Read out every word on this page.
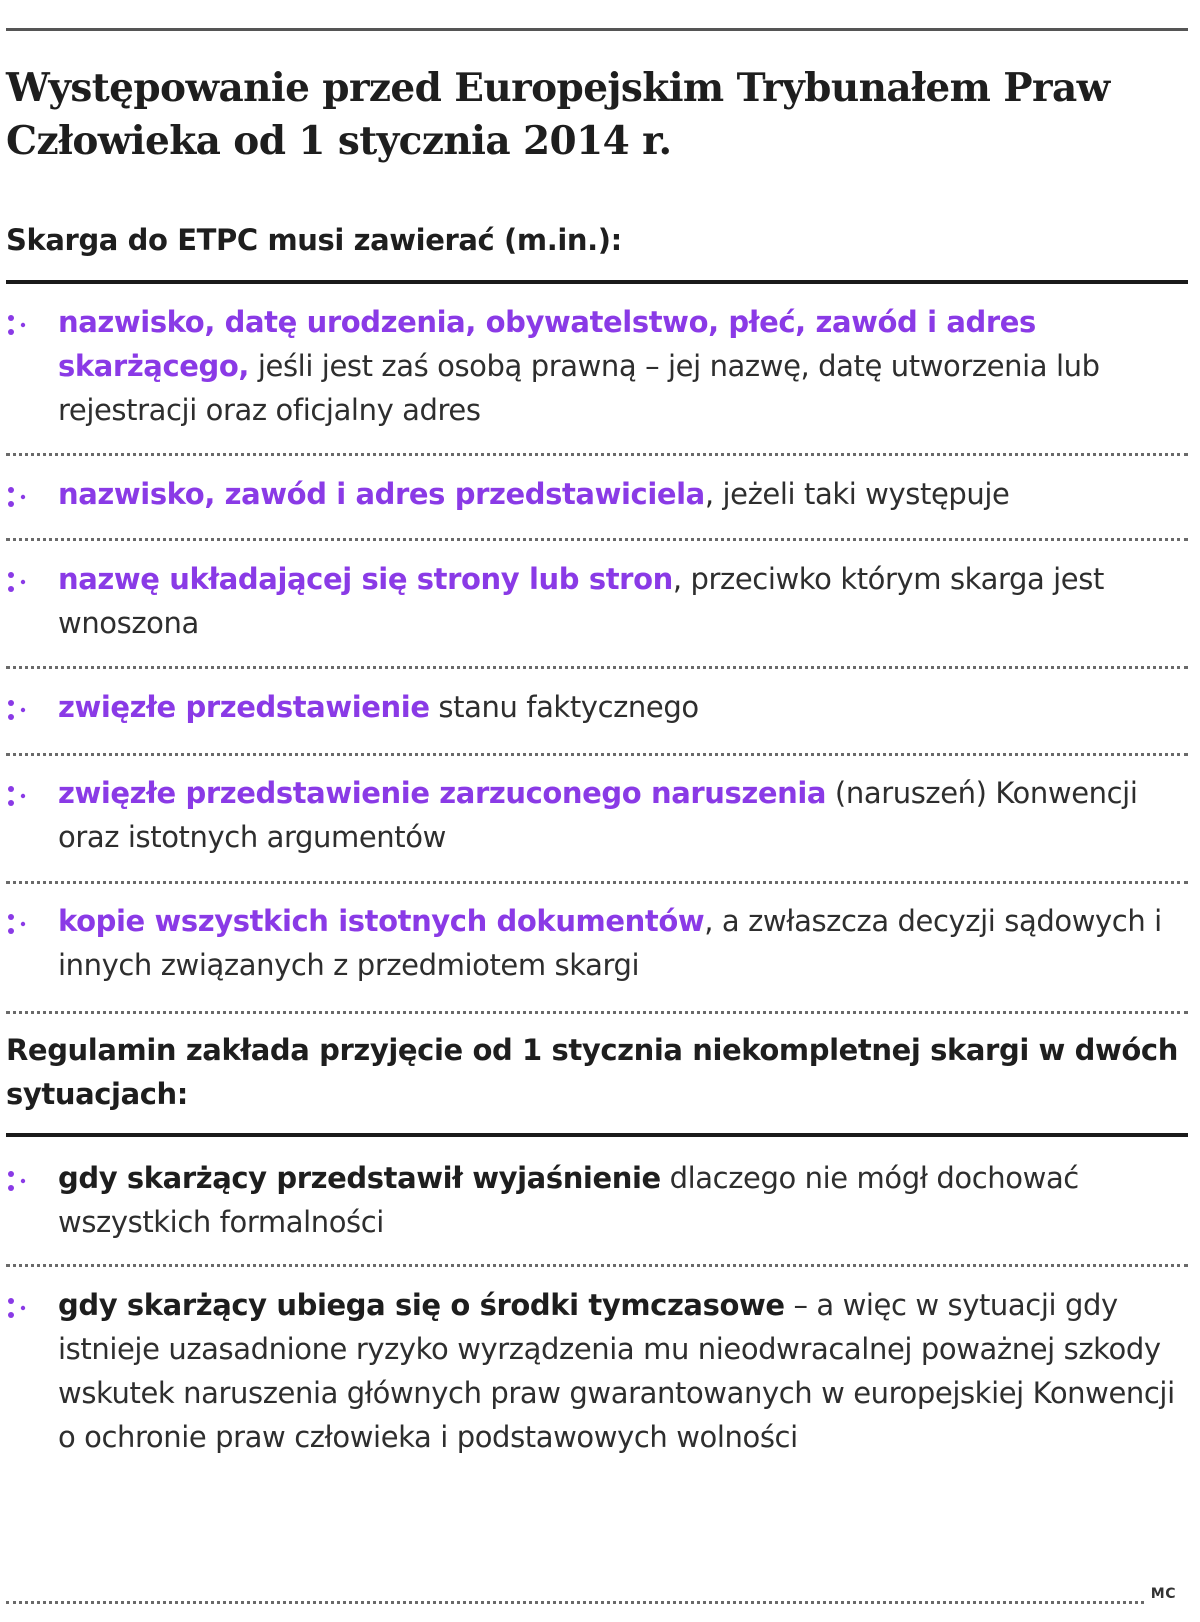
Występowanie przed Europejskim Trybunałem Praw Człowieka od 1 stycznia 2014 r.
Skarga do ETPC musi zawierać (m.in.):
nazwisko, datę urodzenia, obywatelstwo, płeć, zawód i adres skarżącego, jeśli jest zaś osobą prawną – jej nazwę, datę utworzenia lub rejestracji oraz oficjalny adres
nazwisko, zawód i adres przedstawiciela, jeżeli taki występuje
nazwę układającej się strony lub stron, przeciwko którym skarga jest wnoszona
zwięzłe przedstawienie stanu faktycznego
zwięzłe przedstawienie zarzuconego naruszenia (naruszeń) Konwencji oraz istotnych argumentów
kopie wszystkich istotnych dokumentów, a zwłaszcza decyzji sądowych i innych związanych z przedmiotem skargi
Regulamin zakłada przyjęcie od 1 stycznia niekompletnej skargi w dwóch sytuacjach:
gdy skarżący przedstawił wyjaśnienie dlaczego nie mógł dochować wszystkich formalności
gdy skarżący ubiega się o środki tymczasowe – a więc w sytuacji gdy istnieje uzasadnione ryzyko wyrządzenia mu nieodwracalnej poważnej szkody wskutek naruszenia głównych praw gwarantowanych w europejskiej Konwencji o ochronie praw człowieka i podstawowych wolności
MC
